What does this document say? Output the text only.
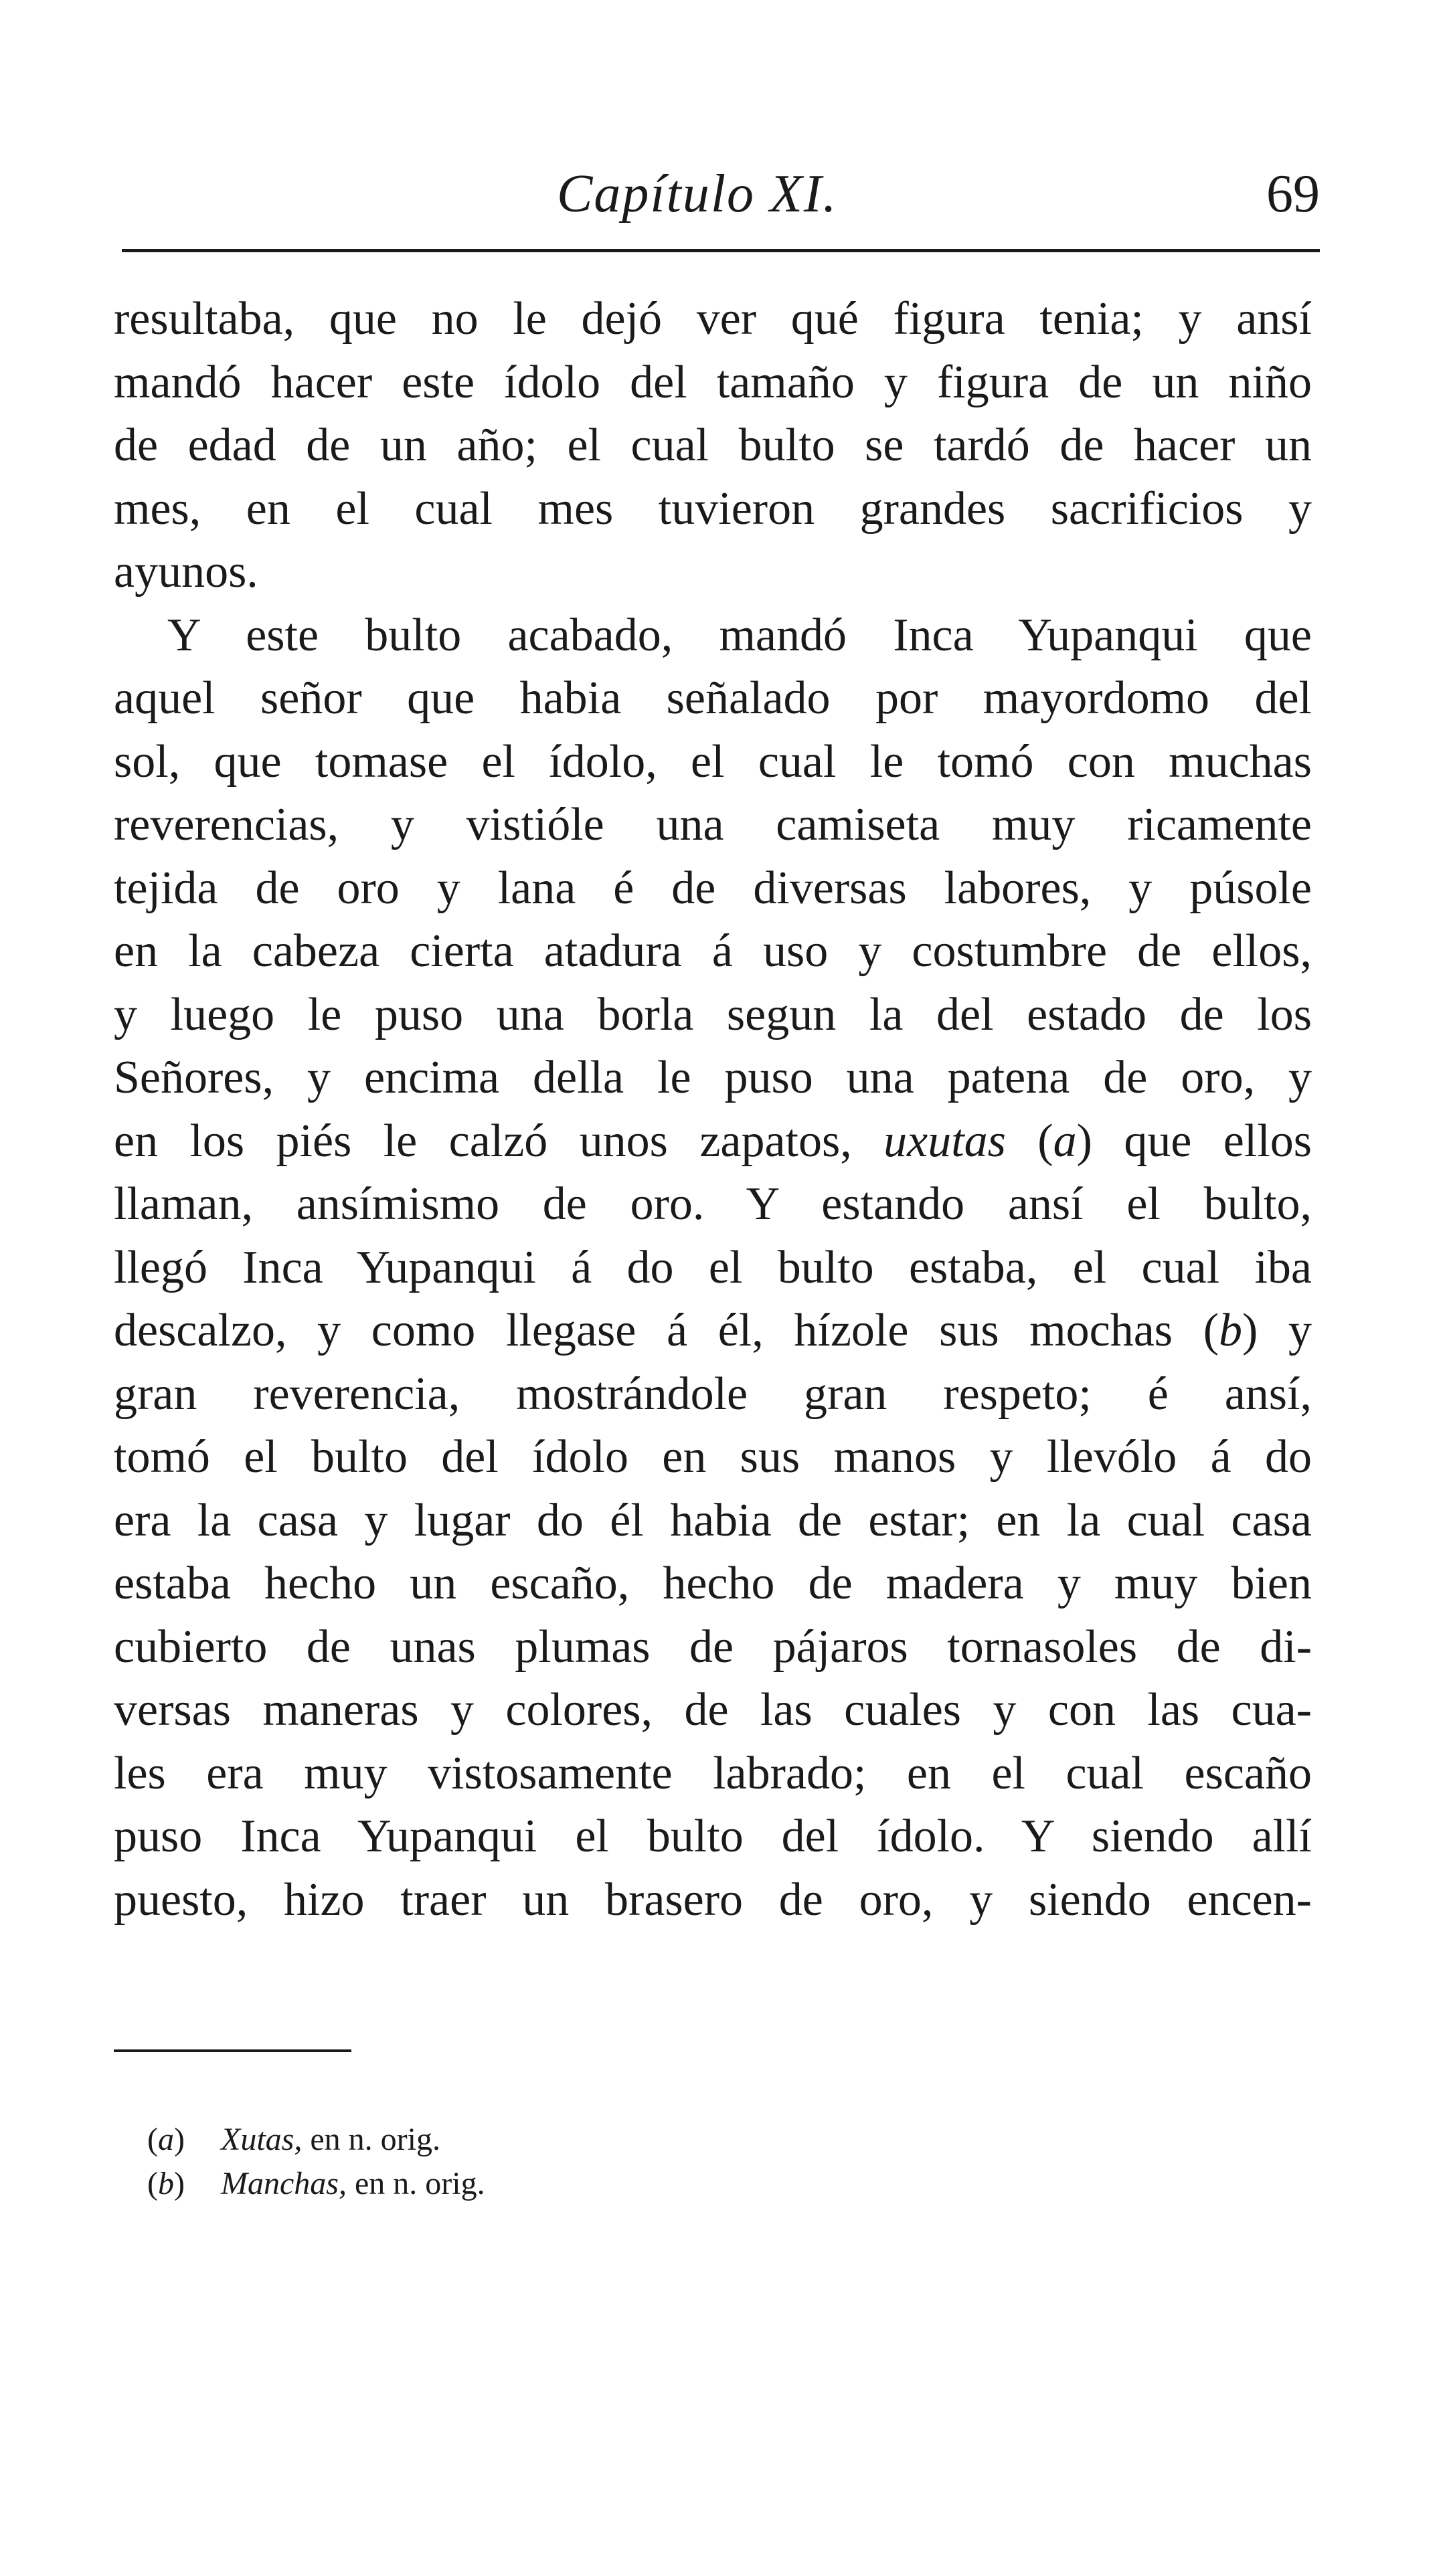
Capítulo XI.	69
resultaba, que no le dejó ver qué figura tenia; y ansí
mandó hacer este ídolo del tamaño y figura de un niño
de edad de un año; el cual bulto se tardó de hacer un
mes, en el cual mes tuvieron grandes sacrificios y
ayunos.
Y este bulto acabado, mandó Inca Yupanqui que
aquel señor que habia señalado por mayordomo del
sol, que tomase el ídolo, el cual le tomó con muchas
reverencias, y vistióle una camiseta muy ricamente
tejida de oro y lana é de diversas labores, y púsole
en la cabeza cierta atadura á uso y costumbre de ellos,
y luego le puso una borla segun la del estado de los
Señores, y encima della le puso una patena de oro, y
en los piés le calzó unos zapatos, uxutas (a) que ellos
llaman, ansímismo de oro. Y estando ansí el bulto,
llegó Inca Yupanqui á do el bulto estaba, el cual iba
descalzo, y como llegase á él, hízole sus mochas (b) y
gran reverencia, mostrándole gran respeto; é ansí,
tomó el bulto del ídolo en sus manos y llevólo á do
era la casa y lugar do él habia de estar; en la cual casa
estaba hecho un escaño, hecho de madera y muy bien
cubierto de unas plumas de pájaros tornasoles de di-
versas maneras y colores, de las cuales y con las cua-
les era muy vistosamente labrado; en el cual escaño
puso Inca Yupanqui el bulto del ídolo. Y siendo allí
puesto, hizo traer un brasero de oro, y siendo encen-
(a) Xutas, en n. orig.
(b) Manchas, en n. orig.
